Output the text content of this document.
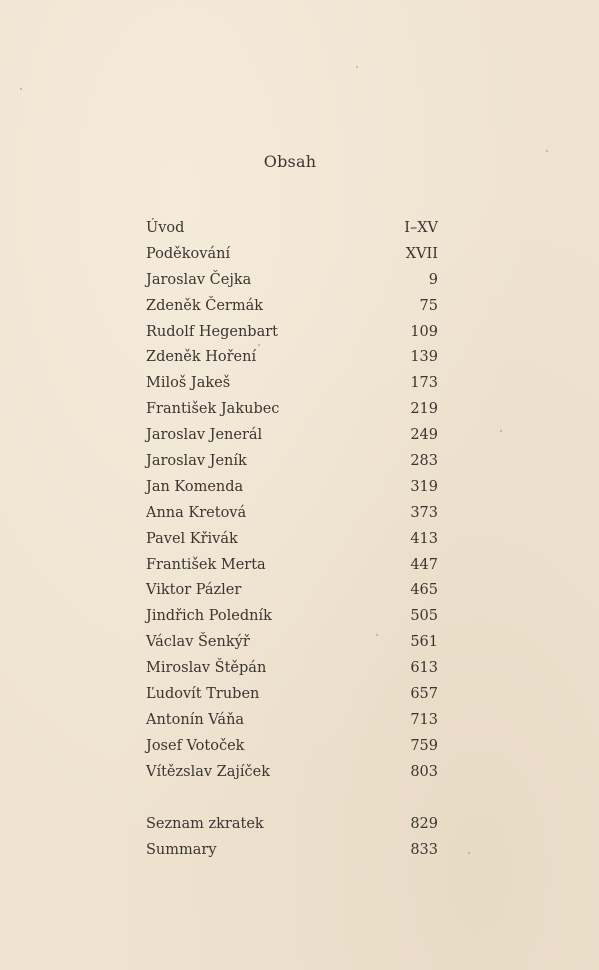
Obsah
Úvod	I–XV
Poděkování	XVII
Jaroslav Čejka	9
Zdeněk Čermák	75
Rudolf Hegenbart	109
Zdeněk Hoření	139
Miloš Jakeš	173
František Jakubec	219
Jaroslav Jenerál	249
Jaroslav Jeník	283
Jan Komenda	319
Anna Kretová	373
Pavel Křivák	413
František Merta	447
Viktor Pázler	465
Jindřich Poledník	505
Václav Šenkýř	561
Miroslav Štěpán	613
Ľudovít Truben	657
Antonín Váňa	713
Josef Votoček	759
Vítězslav Zajíček	803
Seznam zkratek	829
Summary	833
